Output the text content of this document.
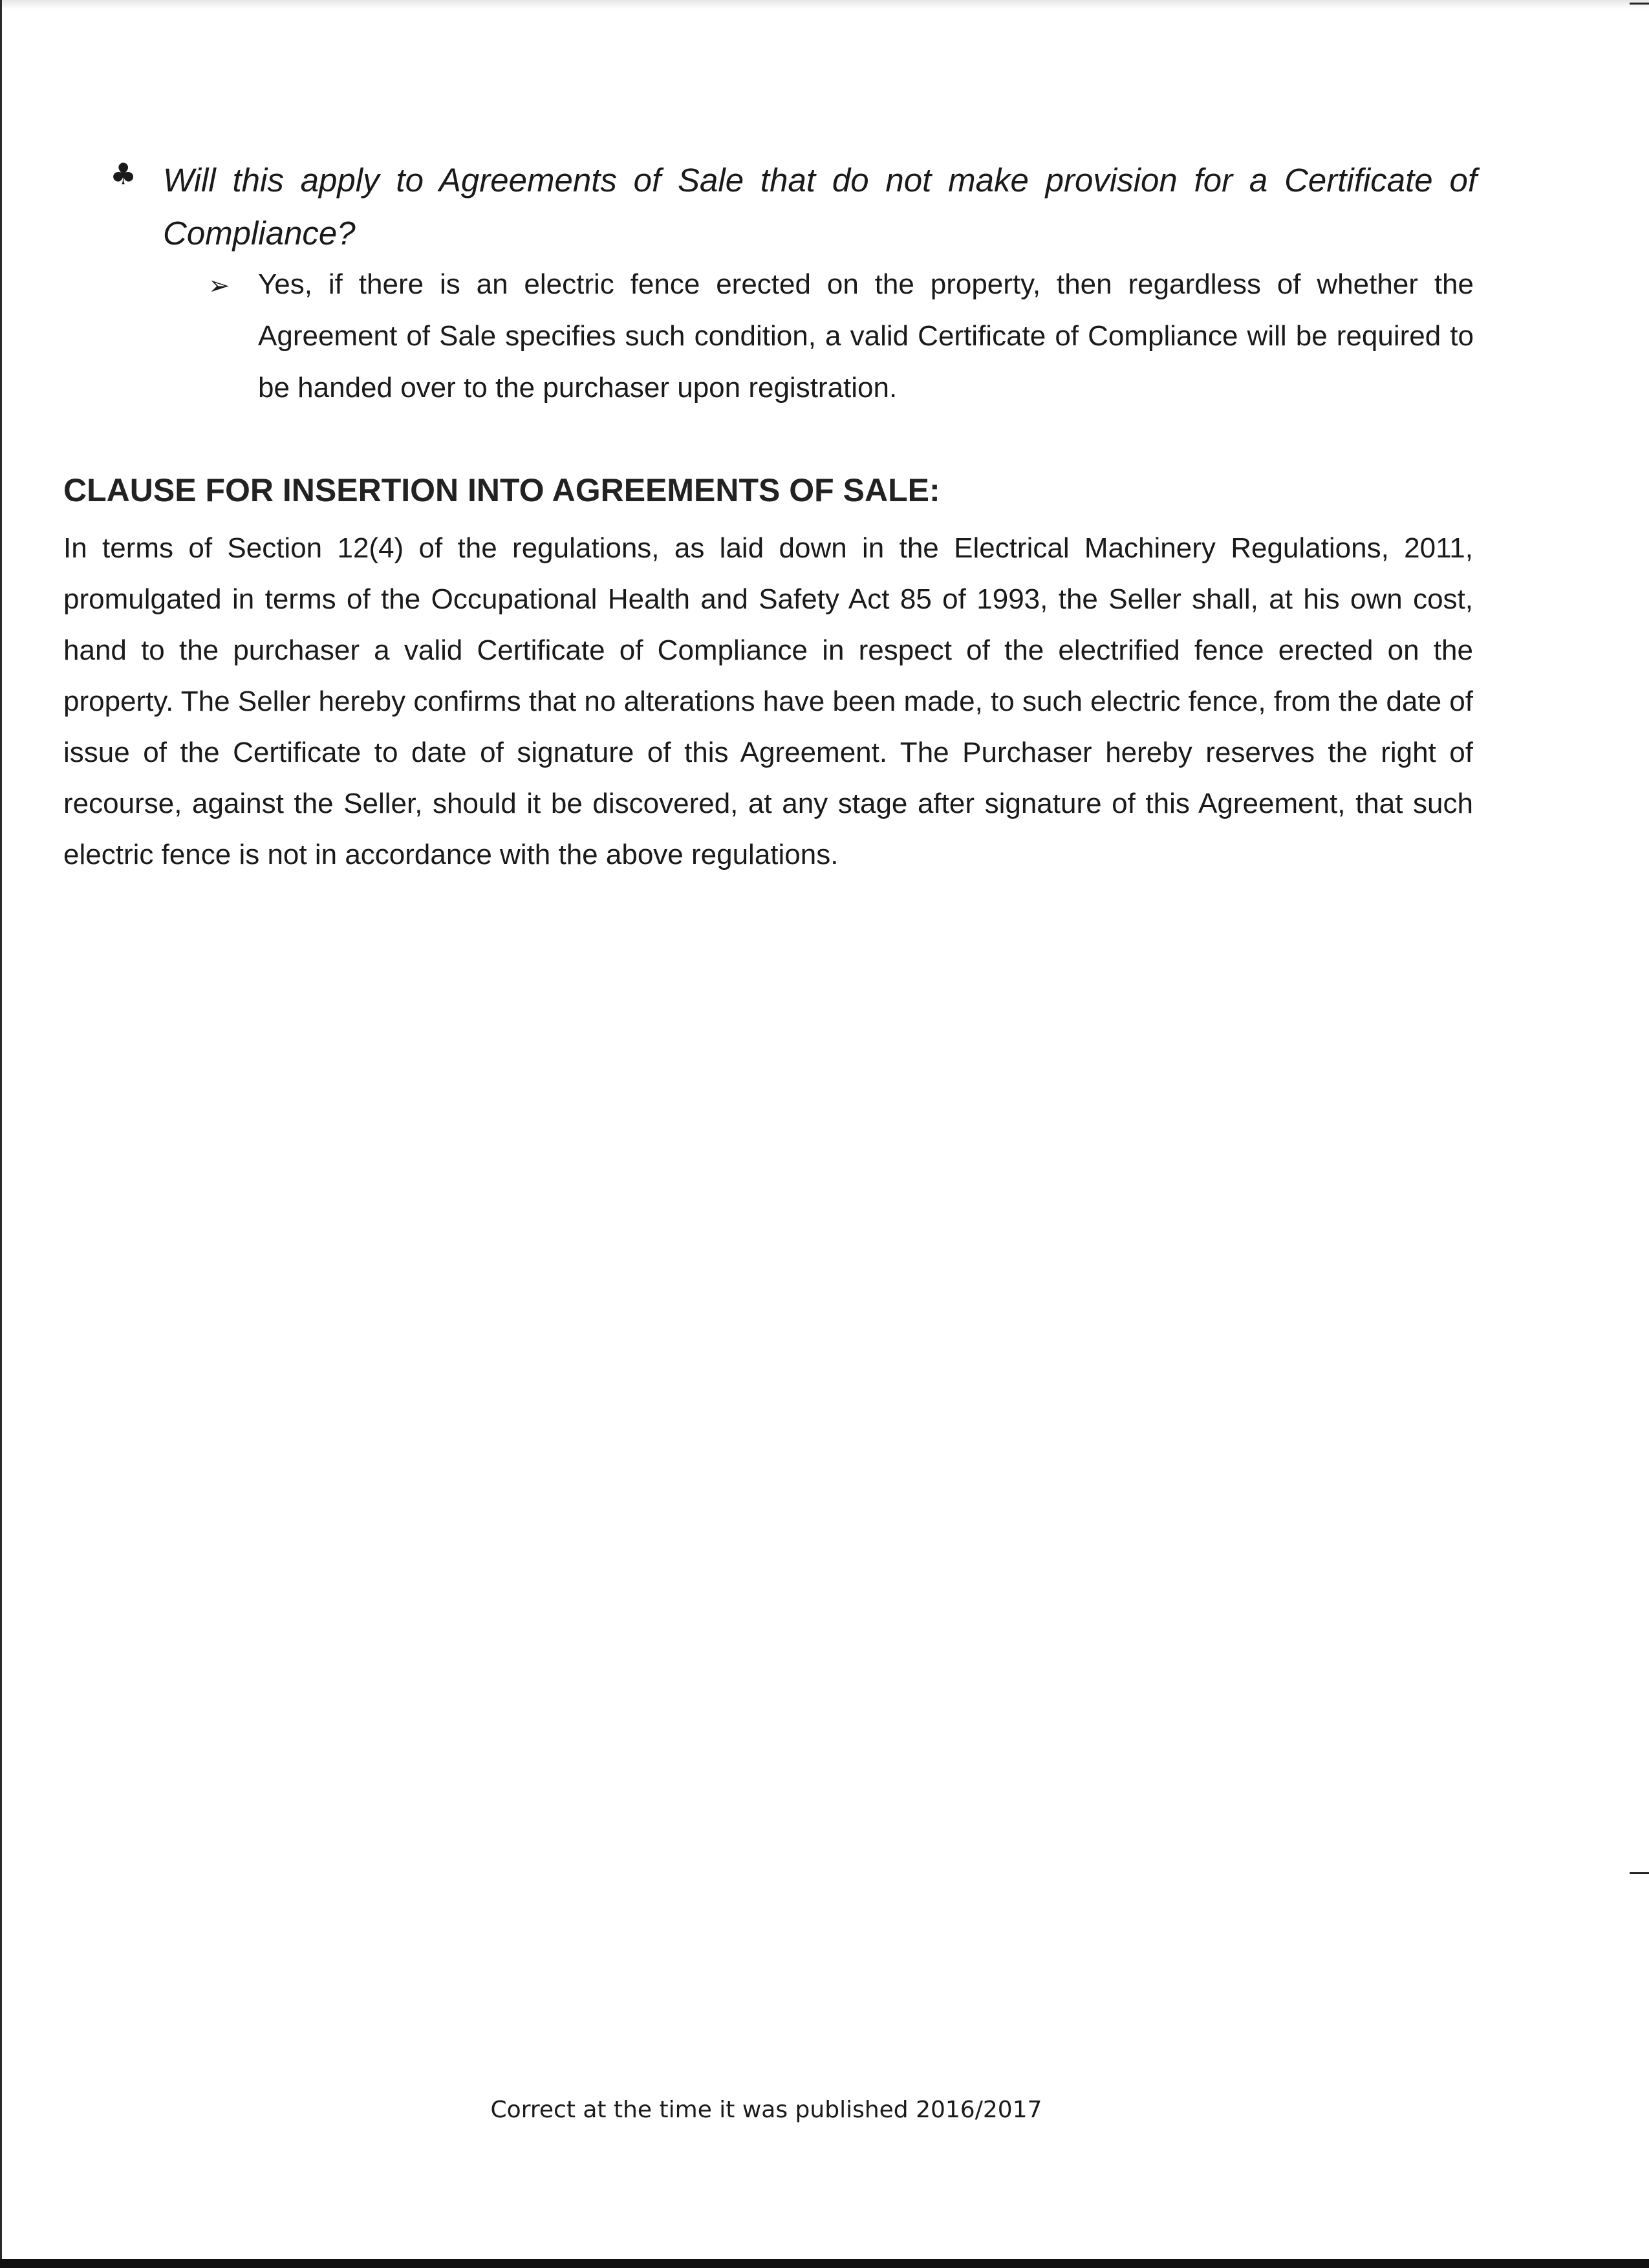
♣ Will this apply to Agreements of Sale that do not make provision for a Certificate of Compliance?

➢ Yes, if there is an electric fence erected on the property, then regardless of whether the Agreement of Sale specifies such condition, a valid Certificate of Compliance will be required to be handed over to the purchaser upon registration.

CLAUSE FOR INSERTION INTO AGREEMENTS OF SALE:

In terms of Section 12(4) of the regulations, as laid down in the Electrical Machinery Regulations, 2011, promulgated in terms of the Occupational Health and Safety Act 85 of 1993, the Seller shall, at his own cost, hand to the purchaser a valid Certificate of Compliance in respect of the electrified fence erected on the property. The Seller hereby confirms that no alterations have been made, to such electric fence, from the date of issue of the Certificate to date of signature of this Agreement. The Purchaser hereby reserves the right of recourse, against the Seller, should it be discovered, at any stage after signature of this Agreement, that such electric fence is not in accordance with the above regulations.

Correct at the time it was published 2016/2017
